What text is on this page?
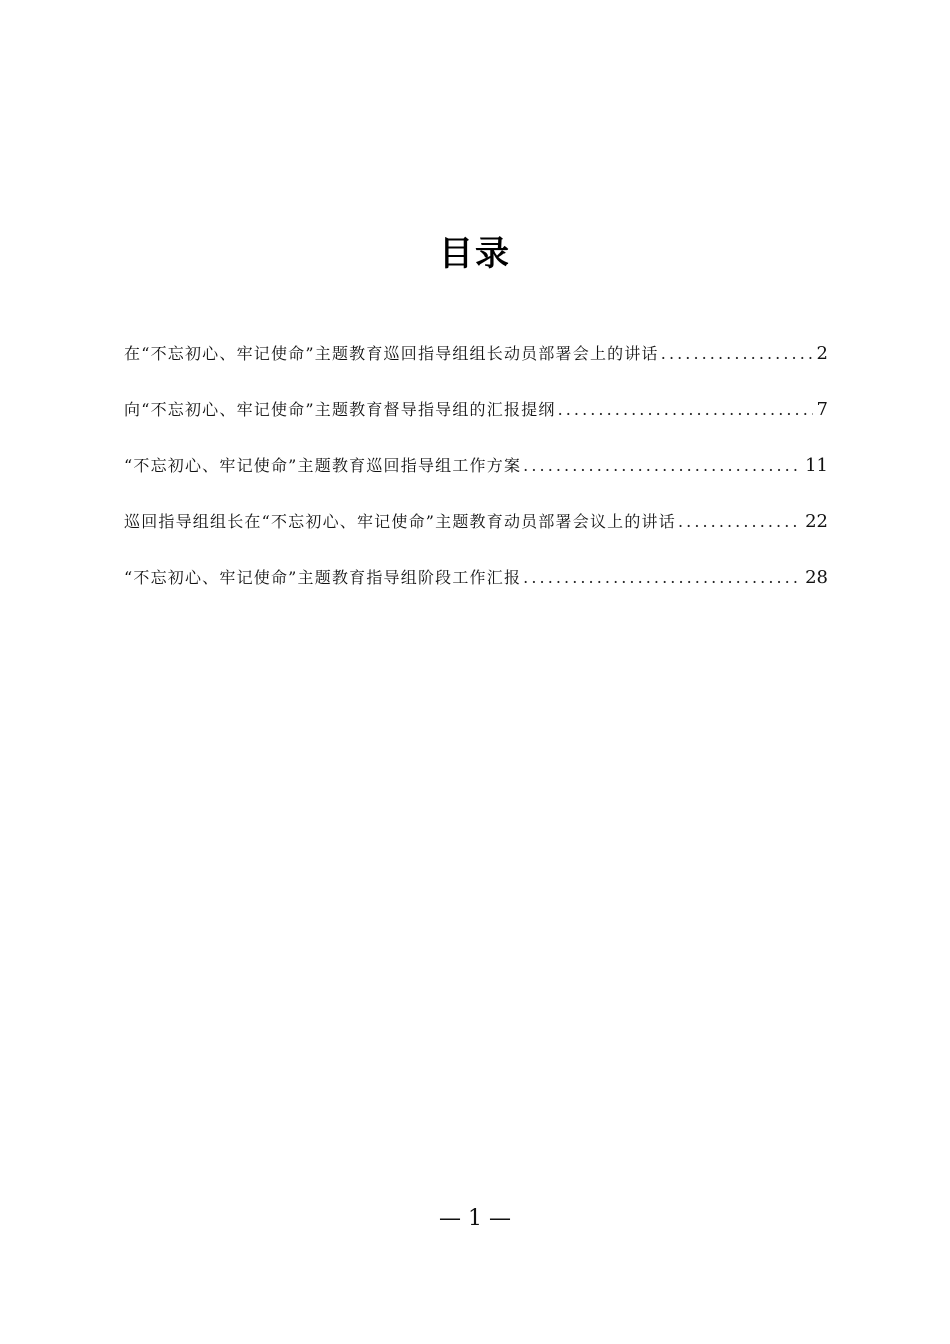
目录
在“不忘初心、牢记使命”主题教育巡回指导组组长动员部署会上的讲话 . . .	2
向“不忘初心、牢记使命”主题教育督导指导组的汇报提纲 . . .	7
“不忘初心、牢记使命”主题教育巡回指导组工作方案 . . .	11
巡回指导组组长在“不忘初心、牢记使命”主题教育动员部署会议上的讲话 . . .	22
“不忘初心、牢记使命”主题教育指导组阶段工作汇报 . . .	28
— 1 —
